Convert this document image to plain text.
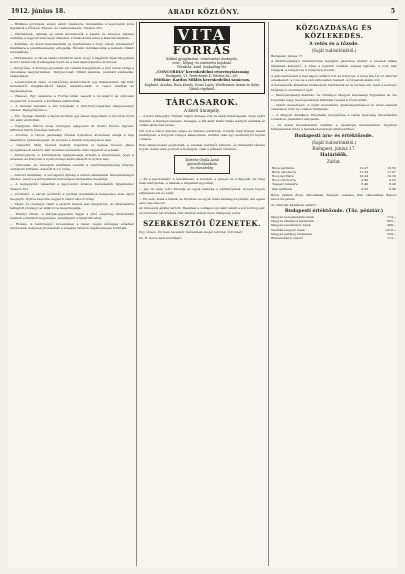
1912. június 18.	ARADI KÖZLÖNY.	5

— Brillikus görények, arany, ezüst óraláncok, mindenféle a legolcsóbb áron kaphatók a főtéren. Ékszer- és órakereskedés. Telefon 331.

— Hirdetések. Ajánlás az aradi kereskedők a kisebb és közepes üzletek számára a legjobb minőségű cikkeket. Tudakozódni lehet a kiadóhivatalban.

— Kiállítás. Az Aradi Kereskedelmi és Iparkamara a folyó évben rendezendő kiállításra a jelentkezéseket elfogadja. Bővebb felvilágosítás a kamara titkári hivatalában.

— Hirdetmény. A városi tanács közhírré teszi, hogy a vágóhídi díjak tárgyában hozott határozat jóváhagyást nyert és a mai naptól kezdve érvényes.

— Közgyűlés. A Kölcsey-egyesület évi rendes közgyűlését a jövő héten tartja a városháza nagytermében. Tárgysorozat: titkári jelentés, pénztári számadás, választások.

— Letartóztatott csaló. A rendőrség letartóztatott egy fiatalembert, aki több kereskedőt megkárosított hamis utalványokkal. A csalót átadták az ügyészségnek.

— Baleset. Egy szekeres a Forray-utcán leesett a kocsijáról és súlyosan megsérült. A mentők a kórházba szállították.

— A katonai zenekar a hét folyamán a Széchenyi-ligetben hangversenyt rendez. Belépődíj nincs.

— Tűz. Tegnap délután a Vasút-utcában egy fészer kigyulladt. A tűzoltók rövid idő alatt eloltották.

— Eljegyzés. Bérczi Ilona urhölgyet eljegyezte dr. Szabó Ferenc ügyvéd. (Minden külön értesítés helyett.)

— Árverés. A városi gazdasági hivatal nyilvános árverésen eladja a régi kaszárnya épületanyagát. Az árverés a hivatal helyiségében lesz.

— Gyászhír. Mély részvét mellett temették el tegnap Kovács János nyugalmazott tanítót, akit hosszas szenvedés után ragadott el a halál.

— Kultúrpalota. A kultúrpalota igazgatósága értesíti a közönséget, hogy a múzeum és könyvtár a nyári hónapokban délelőtt is nyitva lesz.

— Útlevelek. Az útlevelek kiállítása ezentúl a rendőrkapitányság útlevél-osztályán történik, délelőtt 9–12 óráig.

— Szüreti mulatság. A borosjenői ifjúság a szüret alkalmával táncmulatságot rendez, melyre a környékbeli közönséget tisztelettel meghívja.

— A legnagyobb választék a legolcsóbb árakon. Kereskedők figyelmébe! Telefon 331.

— Gőzfürdő. A városi gőzfürdő a javítási munkálatok befejezése után újból megnyílt. Nyitva naponta reggel 6 órától este 8 óráig.

— Vásár. Az országos vásár a szokott helyen lesz megtartva. Az állatvásárra felhajtott jószágot az állatorvos megvizsgálja.

— Erdélyi útban. A Kárpát-egyesület tagjai a jövő vasárnap kirándulást tesznek a Zarándi hegységbe. Jelentkezni a titkárnál lehet.

— Élőkép. A tanítóképző növendékei a tanév végén élőképes előadást rendeznek, melynek jövedelmét a szegény tanulók segélyezésére fordítják.

VITA
FORRÁS
Kitűnő gyógyhatású, természetes ásványvíz,
vese-, hólyag- és emésztési bajoknál.
Főraktár: Arad, Szabadság-tér.
„CONCORDIA” kereskedelmi részvénytársaság
Budapest, VI. Teréz-körút 4. Telefon 80—60.
Főtitkár: Kardos Miklós kereskedelmi tanácsos.
Kapható: Aradon, Rozs Károly, Grosz Lajos, Wertheimer Ármin és Kohn Dávid cégeknél.
TÁRCASAROK.
A kerti ünnepély.

— A kerti ünnepély! Tündér május ünnepe volt az aradi fiatalságnak. Szép nyári délután, a ligetben zeneszó, kacagás, a fák alatt fehér ruhás leányok sétáltak és vidám játékokat űztek.

Ott volt a város minden szépe és minden udvarlója. A fiatal urak frissen vasalt nadrágban, a hölgyek virágos kalapokban, mintha csak egy festményről léptek volna le.

Este lampionokat gyújtottak, a zenekar keringőt játszott, és mindenki táncba fogott. Senki sem gondolt a holnapra, csak a pillanat örömére.

Kertész Gyula Arad
gyümölcsfaiskola
és rózsatelep

— És a pavilonban? A muzsikaszó, a nevetés, a pezsgő és a fagylalt. Az öreg urak kártyáztak, a mamák a lányaikat figyelték.

— Jaj, de szép volt! Mondja az egyik leányka a barátnőjének. Sosem fogom elfelejteni ezt az estét.

— Én sem, feleli a másik, és titokban az egyik fiatal hadnagyra pillant, aki egész este vele táncolt.

Az ünnepély éjfélig tartott. Hazafelé a csillagos ég alatt sétált a sok boldog pár, és mindenki azt kívánta, bár minden héten ilyen ünnepség volna.

SZERKESZTŐI ÜZENETEK.

Egy olvasó. Ön nem tévedett. Kérésének eleget tettünk. Üdvözlet!

Sz. B. Verse nem közölhető.

KÖZGAZDASÁG ÉS KÖZLEKEDÉS.
A vetés és a tőzsde.
(Saját tudósítónktól.)

Budapest, június 17.

A földmívelésügyi minisztérium legújabb jelentése szerint a vetések állása általában kielégítő. A búza a legtöbb vidéken szépen fejlődik, a rozs már virágzik, a tengeri és a burgonya jól kelt.

A gabonatőzsdén a mai napon szilárd volt az irányzat. A búza ára 10–15 fillérrel emelkedett, a rozs és a zab változatlan maradt. A forgalom élénk volt.

A kereskedők általában bizakodóan tekintenek az új termés elé, mert a kedvező időjárás jó eredményt ígér.

— Mezőgazdasági kiállítás. Az Országos Magyar Gazdasági Egyesület az ősz folyamán nagy mezőgazdasági kiállítást rendez a fővárosban.

— Vasúti menetrend. A nyári menetrend életbeléptetésével az Arad–csanádi vasutakon több új vonatot indítanak.

— A Magyar Általános Hitelbank közgyűlése a tiszta nyereség felosztására vonatkozó javaslatot elfogadta.

— Az aradi kereskedelmi testület a vasárnapi munkaszünet ügyében felterjesztést intéz a kereskedelemügyi miniszterhez.

Budapesti áru- és értéktőzsde.
(Saját tudósítónktól.)
Budapest, június 17.
Határidők.
Zárlat.
Búza áprilisra	12.47	12.55
Búza októberre	11.59	11.67
Rozs áprilisra	10.24	10.30
Rozs októberre	9.46	9.52
Tengeri májusra	8.40	8.46
Zab áprilisra	8.90	8.98

Búza: szilárd, Rozs: változatlan, Tengeri: csendes, Zab: változatlan, Repce: nincs forgalom.

Az irányzat általában szilárd.

Budapesti értéktőzsde. (Tőz. pénztár.)
Magyar kereskedelmi bank	774.—
Magyar általános hitelbank	822.—
Magyar leszámítoló bank	488.—
Osztrák-magyar bank	1910.—
Magyar jelzálog hitelbank	239.—
Rimamurányi vasmű	713.—
